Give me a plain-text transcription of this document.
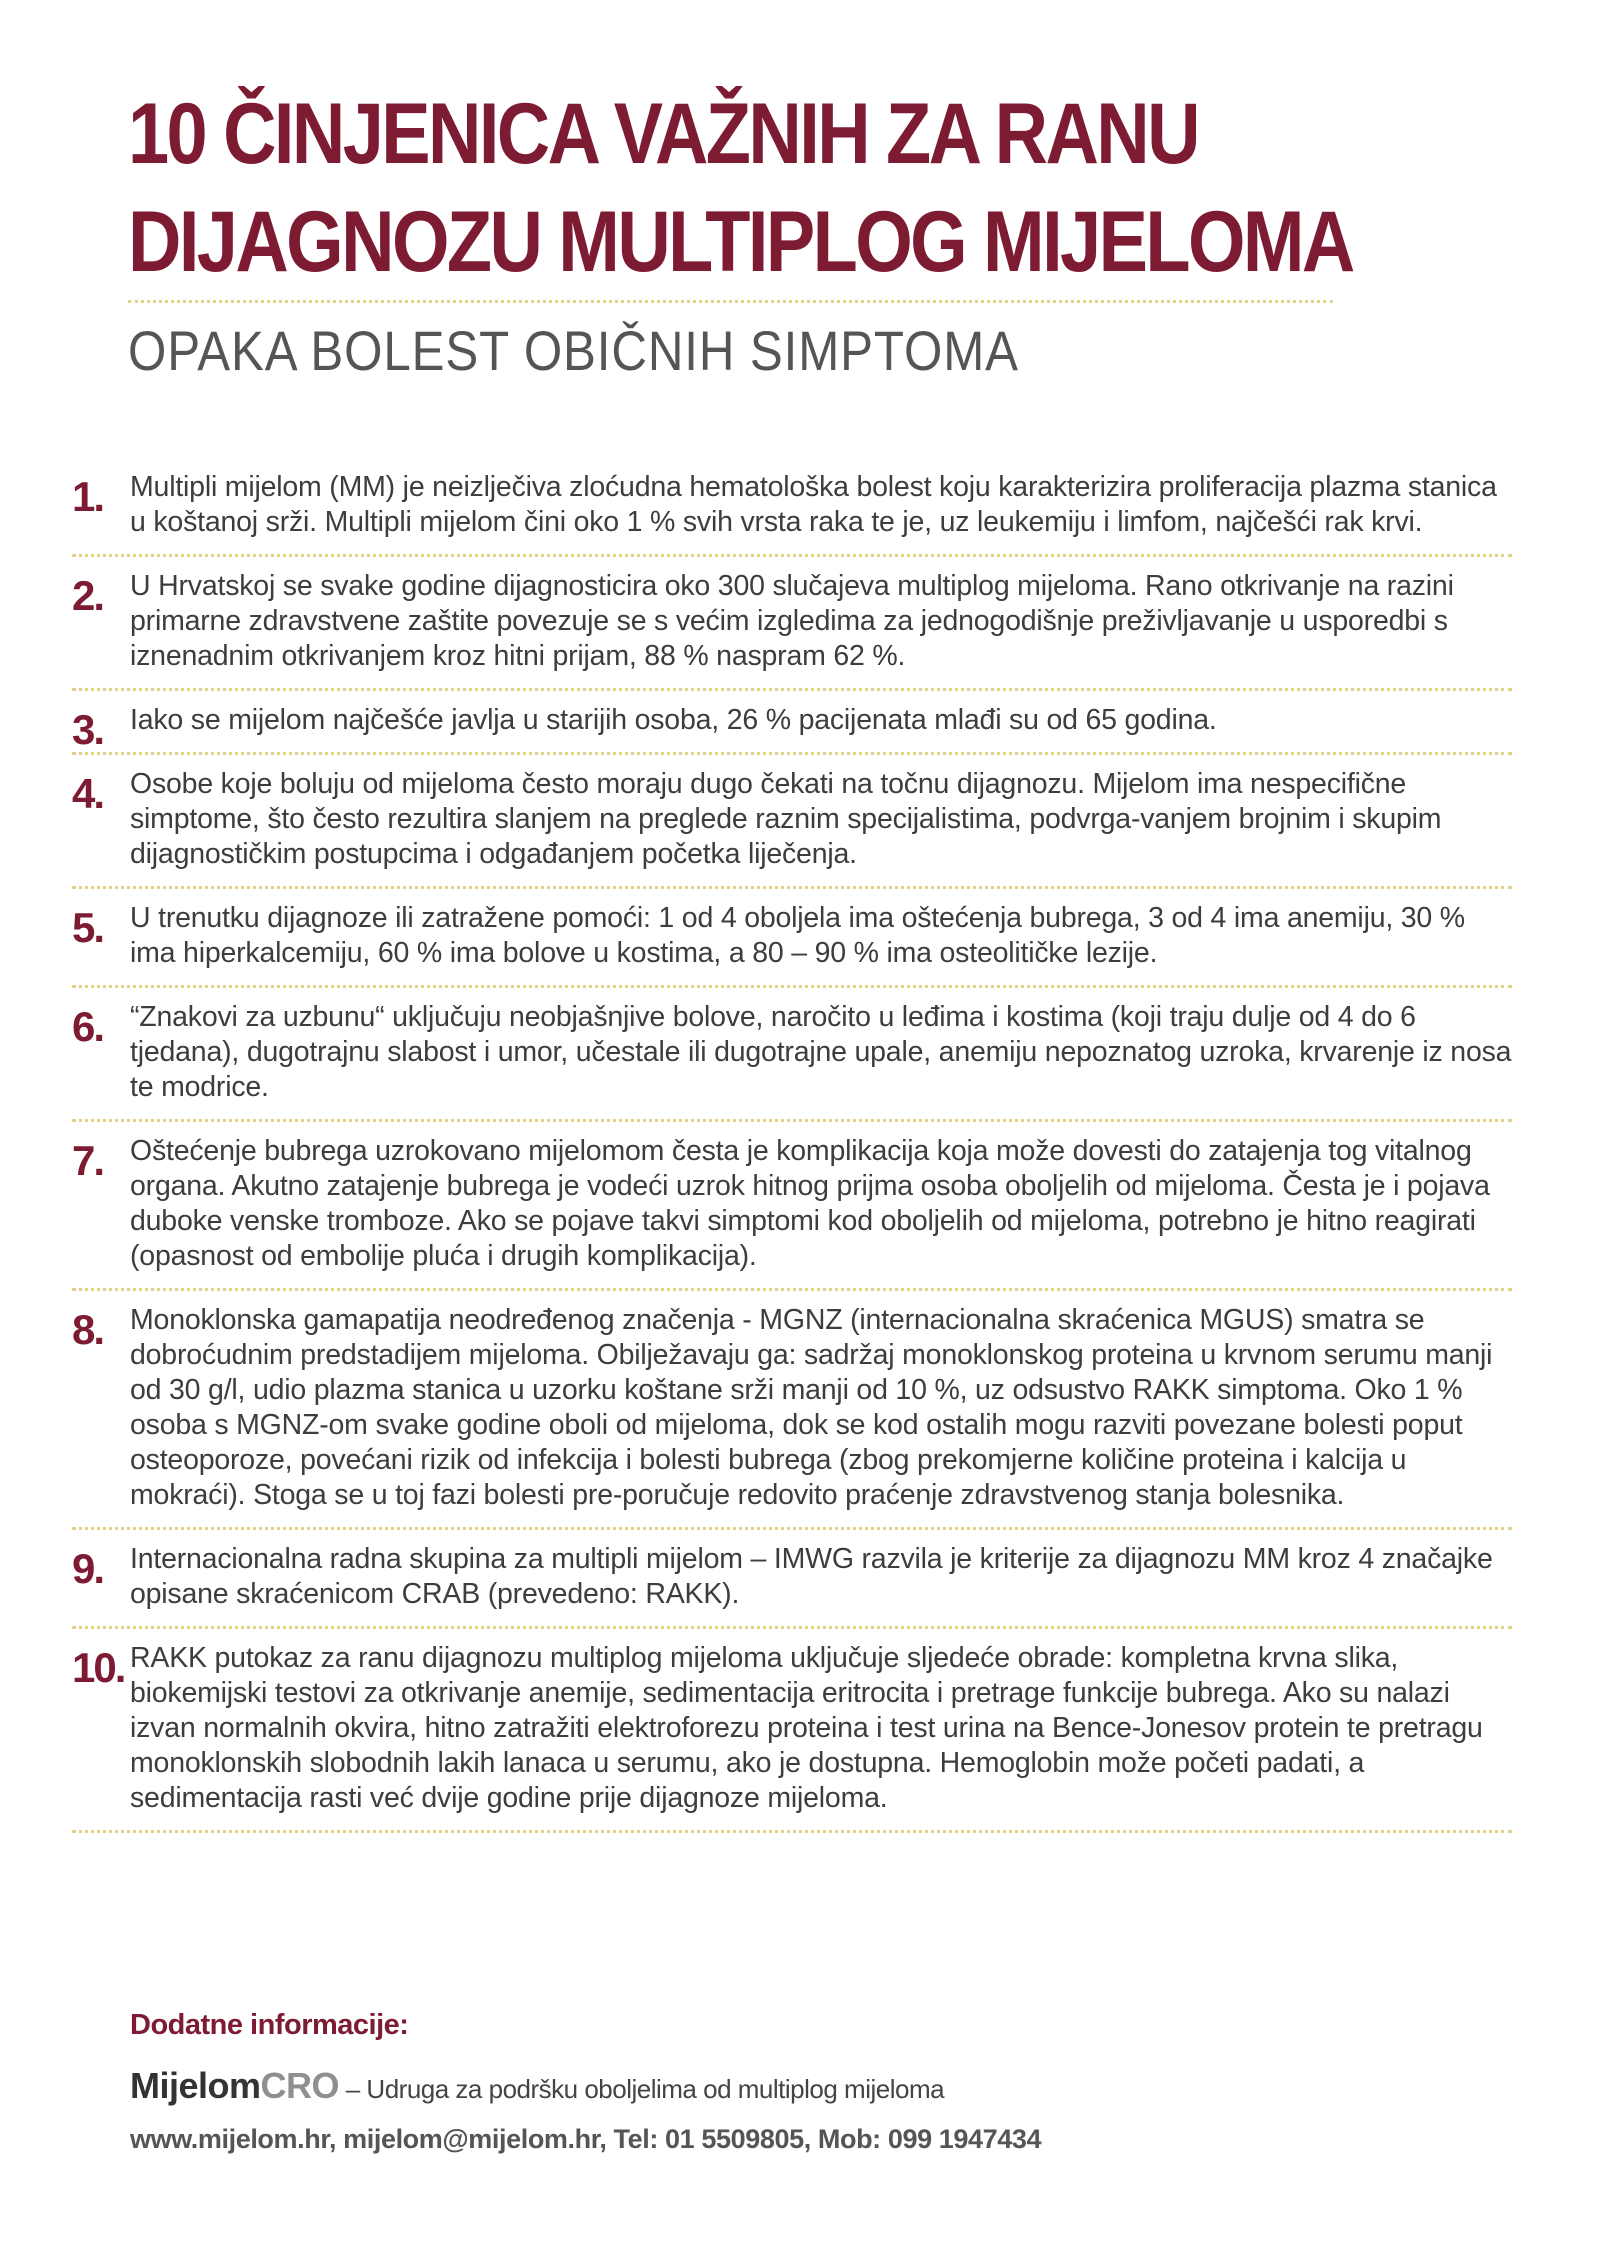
10 ČINJENICA VAŽNIH ZA RANU
DIJAGNOZU MULTIPLOG MIJELOMA
OPAKA BOLEST OBIČNIH SIMPTOMA
1. Multipli mijelom (MM) je neizlječiva zloćudna hematološka bolest koju karakterizira proliferacija plazma stanica u koštanoj srži. Multipli mijelom čini oko 1 % svih vrsta raka te je, uz leukemiju i limfom, najčešći rak krvi.
2. U Hrvatskoj se svake godine dijagnosticira oko 300 slučajeva multiplog mijeloma. Rano otkrivanje na razini primarne zdravstvene zaštite povezuje se s većim izgledima za jednogodišnje preživljavanje u usporedbi s iznenadnim otkrivanjem kroz hitni prijam, 88 % naspram 62 %.
3. Iako se mijelom najčešće javlja u starijih osoba, 26 % pacijenata mlađi su od 65 godina.
4. Osobe koje boluju od mijeloma često moraju dugo čekati na točnu dijagnozu. Mijelom ima nespecifične simptome, što često rezultira slanjem na preglede raznim specijalistima, podvrga-vanjem brojnim i skupim dijagnostičkim postupcima i odgađanjem početka liječenja.
5. U trenutku dijagnoze ili zatražene pomoći: 1 od 4 oboljela ima oštećenja bubrega, 3 od 4 ima anemiju, 30 % ima hiperkalcemiju, 60 % ima bolove u kostima, a 80 – 90 % ima osteolitičke lezije.
6. “Znakovi za uzbunu“ uključuju neobjašnjive bolove, naročito u leđima i kostima (koji traju dulje od 4 do 6 tjedana), dugotrajnu slabost i umor, učestale ili dugotrajne upale, anemiju nepoznatog uzroka, krvarenje iz nosa te modrice.
7. Oštećenje bubrega uzrokovano mijelomom česta je komplikacija koja može dovesti do zatajenja tog vitalnog organa. Akutno zatajenje bubrega je vodeći uzrok hitnog prijma osoba oboljelih od mijeloma. Česta je i pojava duboke venske tromboze. Ako se pojave takvi simptomi kod oboljelih od mijeloma, potrebno je hitno reagirati (opasnost od embolije pluća i drugih komplikacija).
8. Monoklonska gamapatija neodređenog značenja - MGNZ (internacionalna skraćenica MGUS) smatra se dobroćudnim predstadijem mijeloma. Obilježavaju ga: sadržaj monoklonskog proteina u krvnom serumu manji od 30 g/l, udio plazma stanica u uzorku koštane srži manji od 10 %, uz odsustvo RAKK simptoma. Oko 1 % osoba s MGNZ-om svake godine oboli od mijeloma, dok se kod ostalih mogu razviti povezane bolesti poput osteoporoze, povećani rizik od infekcija i bolesti bubrega (zbog prekomjerne količine proteina i kalcija u mokraći). Stoga se u toj fazi bolesti pre-poručuje redovito praćenje zdravstvenog stanja bolesnika.
9. Internacionalna radna skupina za multipli mijelom – IMWG razvila je kriterije za dijagnozu MM kroz 4 značajke opisane skraćenicom CRAB (prevedeno: RAKK).
10. RAKK putokaz za ranu dijagnozu multiplog mijeloma uključuje sljedeće obrade: kompletna krvna slika, biokemijski testovi za otkrivanje anemije, sedimentacija eritrocita i pretrage funkcije bubrega. Ako su nalazi izvan normalnih okvira, hitno zatražiti elektroforezu proteina i test urina na Bence-Jonesov protein te pretragu monoklonskih slobodnih lakih lanaca u serumu, ako je dostupna. Hemoglobin može početi padati, a sedimentacija rasti već dvije godine prije dijagnoze mijeloma.

Dodatne informacije:

MijelomCRO – Udruga za podršku oboljelima od multiplog mijeloma

www.mijelom.hr, mijelom@mijelom.hr, Tel: 01 5509805, Mob: 099 1947434
